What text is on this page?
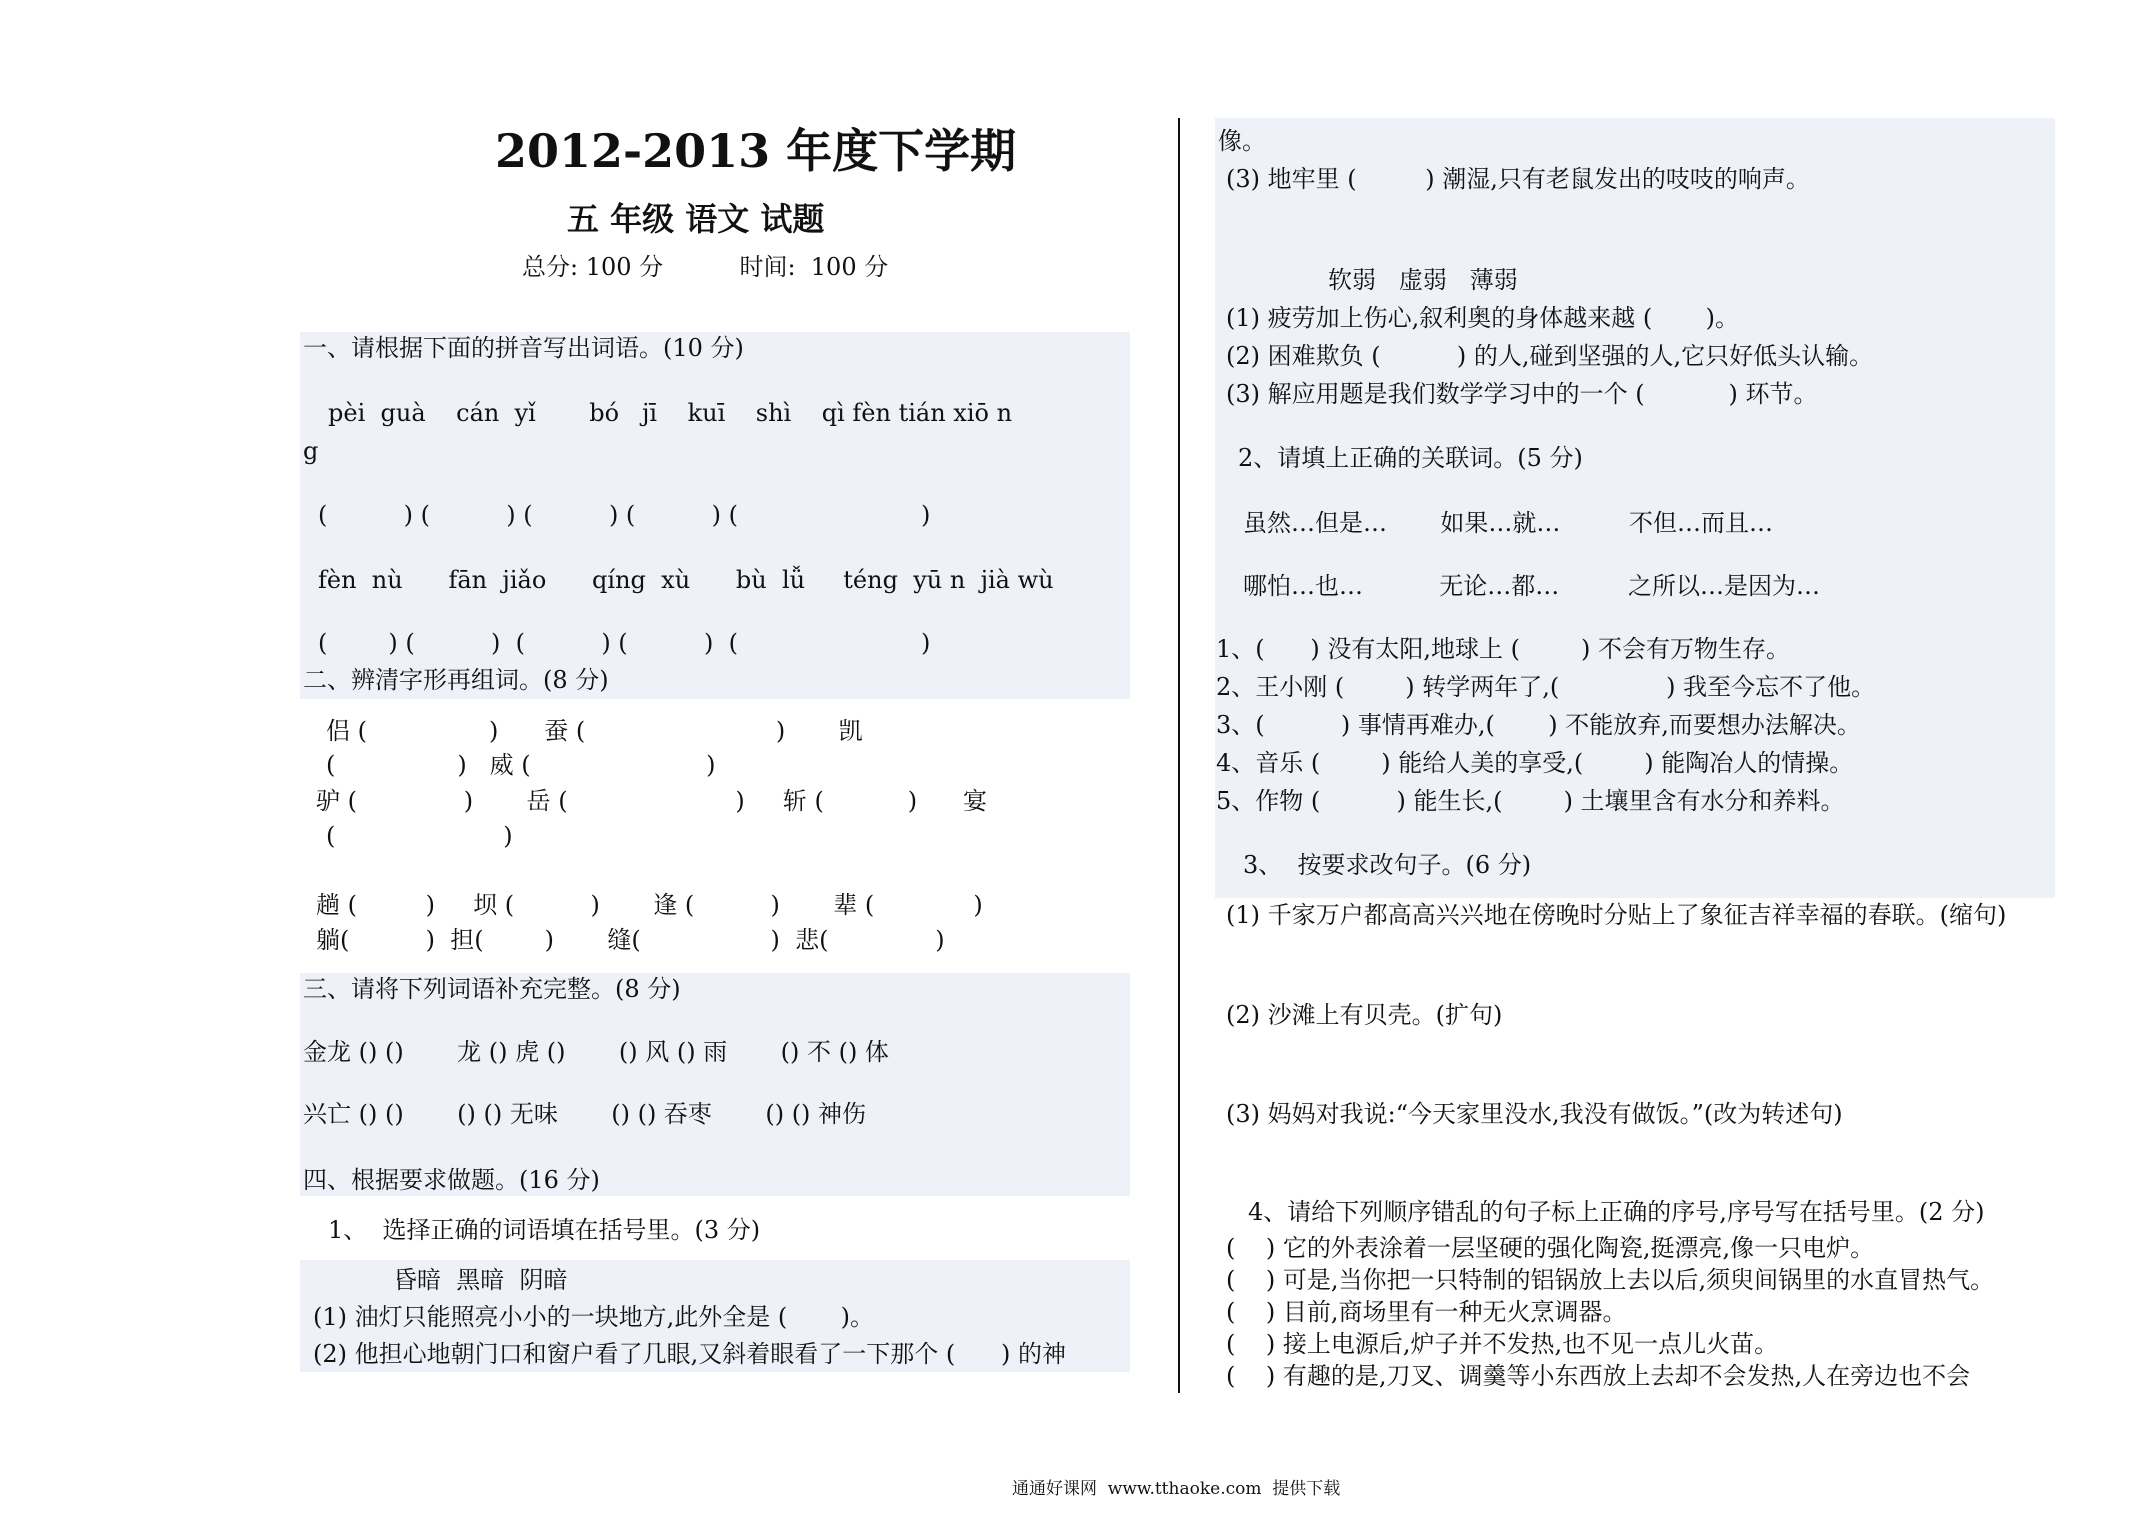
2012-2013 年度下学期
五 年级 语文 试题
总分: 100 分          时间:  100 分
一、请根据下面的拼音写出词语。(10 分)
pèi  guà    cán  yǐ       bó   jī    kuī    shì    qì fèn tián xiō n
g
(          ) (          ) (          ) (          ) (                        )
fèn  nù      fān  jiǎo      qíng  xù      bù  lǚ     téng  yū n  jià wù
(        ) (          )  (          ) (          )  (                        )
二、辨清字形再组词。(8 分)
侣 (                )      蚕 (                         )       凯
(                )   威 (                       )
驴 (              )       岳 (                      )     斩 (           )      宴
(                      )
趟 (         )     坝 (          )       逢 (          )       辈 (             )
躺(          )  担(        )       缝(                 )  悲(              )
三、请将下列词语补充完整。(8 分)
金龙 () ()       龙 () 虎 ()       () 风 () 雨       () 不 () 体
兴亡 () ()       () () 无味       () () 吞枣       () () 神伤
四、根据要求做题。(16 分)
1、  选择正确的词语填在括号里。(3 分)
昏暗  黑暗  阴暗
(1) 油灯只能照亮小小的一块地方,此外全是 (       )。
(2) 他担心地朝门口和窗户看了几眼,又斜着眼看了一下那个 (      ) 的神
像。
(3) 地牢里 (         ) 潮湿,只有老鼠发出的吱吱的响声。
软弱   虚弱   薄弱
(1) 疲劳加上伤心,叙利奥的身体越来越 (       )。
(2) 困难欺负 (          ) 的人,碰到坚强的人,它只好低头认输。
(3) 解应用题是我们数学学习中的一个 (           ) 环节。
2、请填上正确的关联词。(5 分)
虽然…但是…       如果…就…         不但…而且…
哪怕…也…          无论…都…         之所以…是因为…
1、(      ) 没有太阳,地球上 (        ) 不会有万物生存。
2、王小刚 (        ) 转学两年了,(              ) 我至今忘不了他。
3、(          ) 事情再难办,(       ) 不能放弃,而要想办法解决。
4、音乐 (        ) 能给人美的享受,(        ) 能陶冶人的情操。
5、作物 (          ) 能生长,(        ) 土壤里含有水分和养料。
3、  按要求改句子。(6 分)
(1) 千家万户都高高兴兴地在傍晚时分贴上了象征吉祥幸福的春联。(缩句)
(2) 沙滩上有贝壳。(扩句)
(3) 妈妈对我说:“今天家里没水,我没有做饭。”(改为转述句)
4、请给下列顺序错乱的句子标上正确的序号,序号写在括号里。(2 分)
(    ) 它的外表涂着一层坚硬的强化陶瓷,挺漂亮,像一只电炉。
(    ) 可是,当你把一只特制的铝锅放上去以后,须臾间锅里的水直冒热气。
(    ) 目前,商场里有一种无火烹调器。
(    ) 接上电源后,炉子并不发热,也不见一点儿火苗。
(    ) 有趣的是,刀叉、调羹等小东西放上去却不会发热,人在旁边也不会
通通好课网  www.tthaoke.com  提供下载
